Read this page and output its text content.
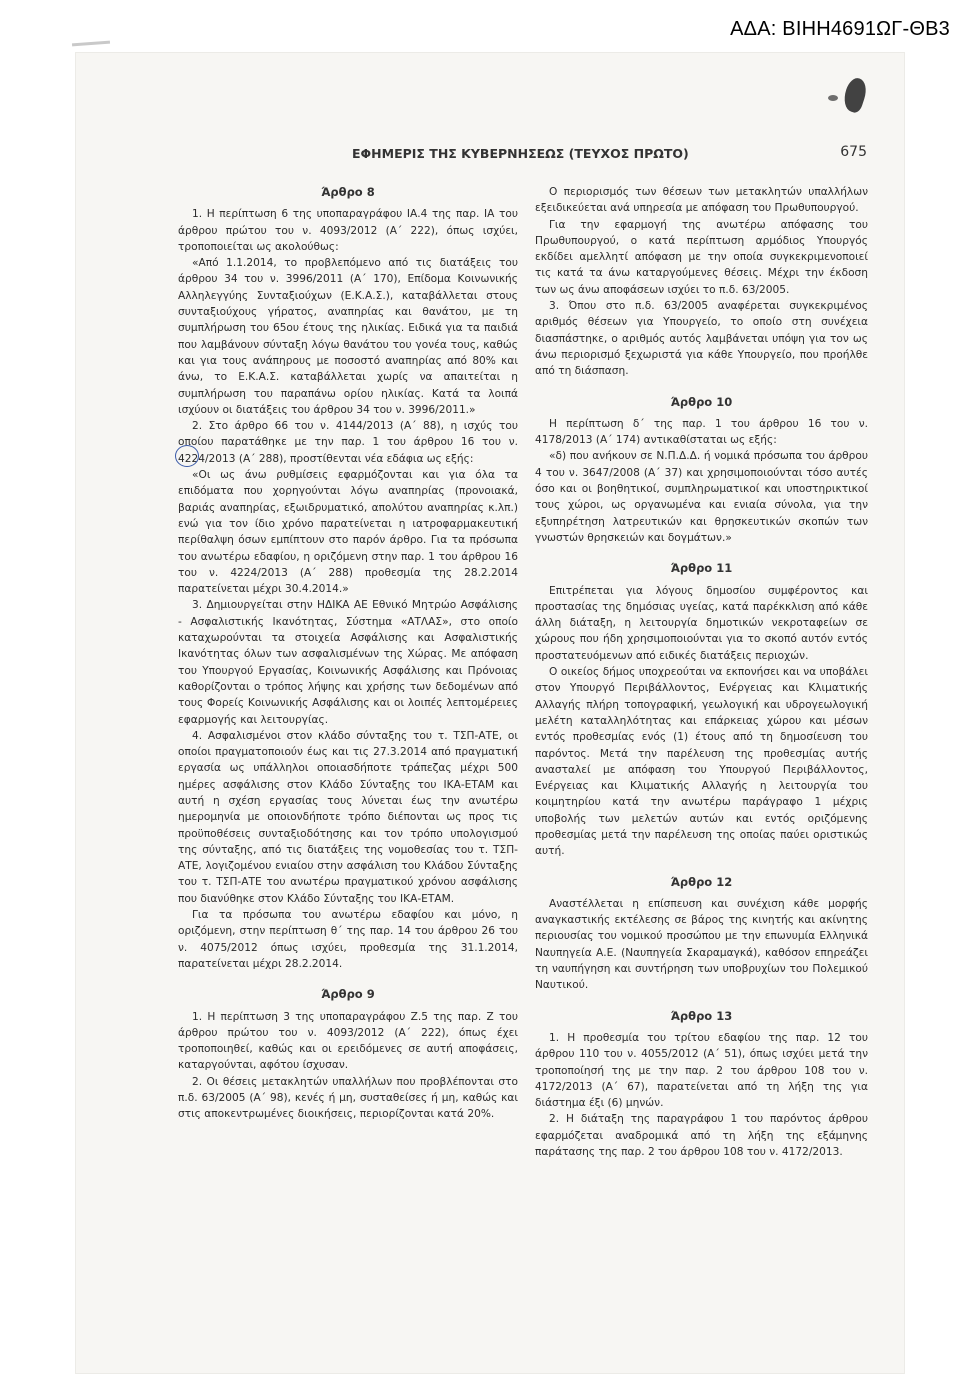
ΑΔΑ: ΒΙΗΗ4691ΩΓ-ΘΒ3
ΕΦΗΜΕΡΙΣ ΤΗΣ ΚΥΒΕΡΝΗΣΕΩΣ (ΤΕΥΧΟΣ ΠΡΩΤΟ)	675
Άρθρο 8

1. Η περίπτωση 6 της υποπαραγράφου ΙΑ.4 της παρ. ΙΑ του άρθρου πρώτου του ν. 4093/2012 (Α΄ 222), όπως ισχύει, τροποποιείται ως ακολούθως:

«Από 1.1.2014, το προβλεπόμενο από τις διατάξεις του άρθρου 34 του ν. 3996/2011 (Α΄ 170), Επίδομα Κοινωνικής Αλληλεγγύης Συνταξιούχων (Ε.Κ.Α.Σ.), καταβάλλεται στους συνταξιούχους γήρατος, αναπηρίας και θανάτου, με τη συμπλήρωση του 65ου έτους της ηλικίας. Ειδικά για τα παιδιά που λαμβάνουν σύνταξη λόγω θανάτου του γονέα τους, καθώς και για τους ανάπηρους με ποσοστό αναπηρίας από 80% και άνω, το Ε.Κ.Α.Σ. καταβάλλεται χωρίς να απαιτείται η συμπλήρωση του παραπάνω ορίου ηλικίας. Κατά τα λοιπά ισχύουν οι διατάξεις του άρθρου 34 του ν. 3996/2011.»

2. Στο άρθρο 66 του ν. 4144/2013 (Α΄ 88), η ισχύς του οποίου παρατάθηκε με την παρ. 1 του άρθρου 16 του ν. 4224/2013 (Α΄ 288), προστίθενται νέα εδάφια ως εξής:

«Οι ως άνω ρυθμίσεις εφαρμόζονται και για όλα τα επιδόματα που χορηγούνται λόγω αναπηρίας (προνοιακά, βαριάς αναπηρίας, εξωιδρυματικό, απολύτου αναπηρίας κ.λπ.) ενώ για τον ίδιο χρόνο παρατείνεται η ιατροφαρμακευτική περίθαλψη όσων εμπίπτουν στο παρόν άρθρο. Για τα πρόσωπα του ανωτέρω εδαφίου, η οριζόμενη στην παρ. 1 του άρθρου 16 του ν. 4224/2013 (Α΄ 288) προθεσμία της 28.2.2014 παρατείνεται μέχρι 30.4.2014.»

3. Δημιουργείται στην ΗΔΙΚΑ ΑΕ Εθνικό Μητρώο Ασφάλισης - Ασφαλιστικής Ικανότητας, Σύστημα «ΑΤΛΑΣ», στο οποίο καταχωρούνται τα στοιχεία Ασφάλισης και Ασφαλιστικής Ικανότητας όλων των ασφαλισμένων της Χώρας. Με απόφαση του Υπουργού Εργασίας, Κοινωνικής Ασφάλισης και Πρόνοιας καθορίζονται ο τρόπος λήψης και χρήσης των δεδομένων από τους Φορείς Κοινωνικής Ασφάλισης και οι λοιπές λεπτομέρειες εφαρμογής και λειτουργίας.

4. Ασφαλισμένοι στον κλάδο σύνταξης του τ. ΤΣΠ-ΑΤΕ, οι οποίοι πραγματοποιούν έως και τις 27.3.2014 από πραγματική εργασία ως υπάλληλοι οποιασδήποτε τράπεζας μέχρι 500 ημέρες ασφάλισης στον Κλάδο Σύνταξης του ΙΚΑ-ΕΤΑΜ και αυτή η σχέση εργασίας τους λύνεται έως την ανωτέρω ημερομηνία με οποιονδήποτε τρόπο διέπονται ως προς τις προϋποθέσεις συνταξιοδότησης και τον τρόπο υπολογισμού της σύνταξης, από τις διατάξεις της νομοθεσίας του τ. ΤΣΠ-ΑΤΕ, λογιζομένου ενιαίου στην ασφάλιση του Κλάδου Σύνταξης του τ. ΤΣΠ-ΑΤΕ του ανωτέρω πραγματικού χρόνου ασφάλισης που διανύθηκε στον Κλάδο Σύνταξης του ΙΚΑ-ΕΤΑΜ.

Για τα πρόσωπα του ανωτέρω εδαφίου και μόνο, η οριζόμενη, στην περίπτωση θ΄ της παρ. 14 του άρθρου 26 του ν. 4075/2012 όπως ισχύει, προθεσμία της 31.1.2014, παρατείνεται μέχρι 28.2.2014.

Άρθρο 9

1. Η περίπτωση 3 της υποπαραγράφου Ζ.5 της παρ. Ζ του άρθρου πρώτου του ν. 4093/2012 (Α΄ 222), όπως έχει τροποποιηθεί, καθώς και οι ερειδόμενες σε αυτή αποφάσεις, καταργούνται, αφότου ίσχυσαν.

2. Οι θέσεις μετακλητών υπαλλήλων που προβλέπονται στο π.δ. 63/2005 (Α΄ 98), κενές ή μη, συσταθείσες ή μη, καθώς και στις αποκεντρωμένες διοικήσεις, περιορίζονται κατά 20%.

Ο περιορισμός των θέσεων των μετακλητών υπαλλήλων εξειδικεύεται ανά υπηρεσία με απόφαση του Πρωθυπουργού.

Για την εφαρμογή της ανωτέρω απόφασης του Πρωθυπουργού, ο κατά περίπτωση αρμόδιος Υπουργός εκδίδει αμελλητί απόφαση με την οποία συγκεκριμενοποιεί τις κατά τα άνω καταργούμενες θέσεις. Μέχρι την έκδοση των ως άνω αποφάσεων ισχύει το π.δ. 63/2005.

3. Όπου στο π.δ. 63/2005 αναφέρεται συγκεκριμένος αριθμός θέσεων για Υπουργείο, το οποίο στη συνέχεια διασπάστηκε, ο αριθμός αυτός λαμβάνεται υπόψη για τον ως άνω περιορισμό ξεχωριστά για κάθε Υπουργείο, που προήλθε από τη διάσπαση.

Άρθρο 10

Η περίπτωση δ΄ της παρ. 1 του άρθρου 16 του ν. 4178/2013 (Α΄ 174) αντικαθίσταται ως εξής:

«δ) που ανήκουν σε Ν.Π.Δ.Δ. ή νομικά πρόσωπα του άρθρου 4 του ν. 3647/2008 (Α΄ 37) και χρησιμοποιούνται τόσο αυτές όσο και οι βοηθητικοί, συμπληρωματικοί και υποστηρικτικοί τους χώροι, ως οργανωμένα και ενιαία σύνολα, για την εξυπηρέτηση λατρευτικών και θρησκευτικών σκοπών των γνωστών θρησκειών και δογμάτων.»

Άρθρο 11

Επιτρέπεται για λόγους δημοσίου συμφέροντος και προστασίας της δημόσιας υγείας, κατά παρέκκλιση από κάθε άλλη διάταξη, η λειτουργία δημοτικών νεκροταφείων σε χώρους που ήδη χρησιμοποιούνται για το σκοπό αυτόν εντός προστατευόμενων από ειδικές διατάξεις περιοχών.

Ο οικείος δήμος υποχρεούται να εκπονήσει και να υποβάλει στον Υπουργό Περιβάλλοντος, Ενέργειας και Κλιματικής Αλλαγής πλήρη τοπογραφική, γεωλογική και υδρογεωλογική μελέτη καταλληλότητας και επάρκειας χώρου και μέσων εντός προθεσμίας ενός (1) έτους από τη δημοσίευση του παρόντος. Μετά την παρέλευση της προθεσμίας αυτής ανασταλεί με απόφαση του Υπουργού Περιβάλλοντος, Ενέργειας και Κλιματικής Αλλαγής η λειτουργία του κοιμητηρίου κατά την ανωτέρω παράγραφο 1 μέχρις υποβολής των μελετών αυτών και εντός οριζόμενης προθεσμίας μετά την παρέλευση της οποίας παύει οριστικώς αυτή.

Άρθρο 12

Αναστέλλεται η επίσπευση και συνέχιση κάθε μορφής αναγκαστικής εκτέλεσης σε βάρος της κινητής και ακίνητης περιουσίας του νομικού προσώπου με την επωνυμία Ελληνικά Ναυπηγεία Α.Ε. (Ναυπηγεία Σκαραμαγκά), καθόσον επηρεάζει τη ναυπήγηση και συντήρηση των υποβρυχίων του Πολεμικού Ναυτικού.

Άρθρο 13

1. Η προθεσμία του τρίτου εδαφίου της παρ. 12 του άρθρου 110 του ν. 4055/2012 (Α΄ 51), όπως ισχύει μετά την τροποποίησή της με την παρ. 2 του άρθρου 108 του ν. 4172/2013 (Α΄ 67), παρατείνεται από τη λήξη της για διάστημα έξι (6) μηνών.

2. Η διάταξη της παραγράφου 1 του παρόντος άρθρου εφαρμόζεται αναδρομικά από τη λήξη της εξάμηνης παράτασης της παρ. 2 του άρθρου 108 του ν. 4172/2013.
